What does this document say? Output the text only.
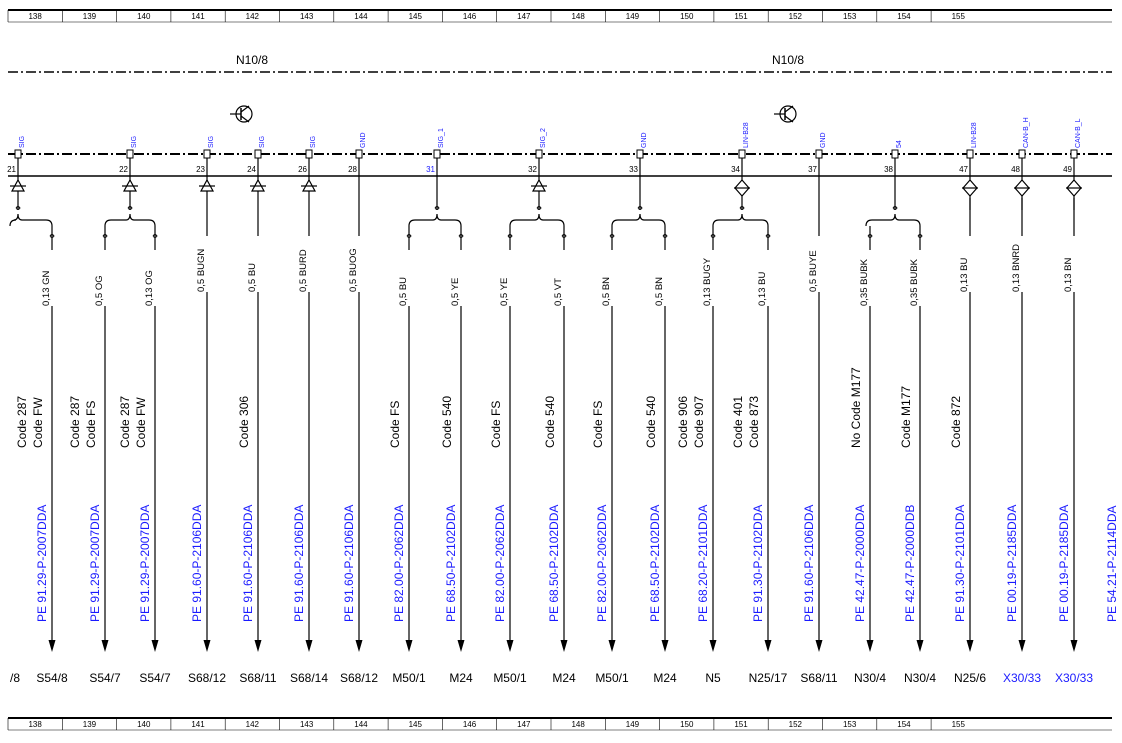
138	139	140	141	142	143	144	145	146	147	148	149	150	151	152	153	154	155
138	139	140	141	142	143	144	145	146	147	148	149	150	151	152	153	154	155
N10/8	N10/8
SIG
21
SIG
22
SIG
23
SIG
24
SIG
26
GND
28
SIG_1
31
SIG_2
32
GND
33
LIN-B28
34
GND
37
54
38
LIN-B28
47
CAN-B_H
48
CAN-B_L
49
0,13 GN
Code 287 Code FW
PE 91.29-P-2007DDA
S54/8
0,5 OG
Code 287 Code FS
PE 91.29-P-2007DDA
S54/7
0,13 OG
Code 287 Code FW
PE 91.29-P-2007DDA
S54/7
0,5 BUGN
PE 91.60-P-2106DDA
S68/12
0,5 BU
Code 306
PE 91.60-P-2106DDA
S68/11
0,5 BURD
PE 91.60-P-2106DDA
S68/14
0,5 BUOG
PE 91.60-P-2106DDA
S68/12
0,5 BU
Code FS
PE 82.00-P-2062DDA
M50/1
0,5 YE
Code 540
PE 68.50-P-2102DDA
M24
0,5 YE
Code FS
PE 82.00-P-2062DDA
M50/1
0,5 VT
Code 540
PE 68.50-P-2102DDA
M24
0,5 BN
Code FS
PE 82.00-P-2062DDA
M50/1
0,5 BN
Code 540
PE 68.50-P-2102DDA
M24
0,13 BUGY
Code 906 Code 907
PE 68.20-P-2101DDA
N5
0,13 BU
Code 401 Code 873
PE 91.30-P-2102DDA
N25/17
0,5 BUYE
PE 91.60-P-2106DDA
S68/11
0,35 BUBK
No Code M177
PE 42.47-P-2000DDA
N30/4
0,35 BUBK
Code M177
PE 42.47-P-2000DDB
N30/4
0,13 BU
Code 872
PE 91.30-P-2101DDA
N25/6
0,13 BNRD
PE 00.19-P-2185DDA
X30/33
0,13 BN
PE 00.19-P-2185DDA
X30/33
PE 54.21-P-2114DDA
/8
